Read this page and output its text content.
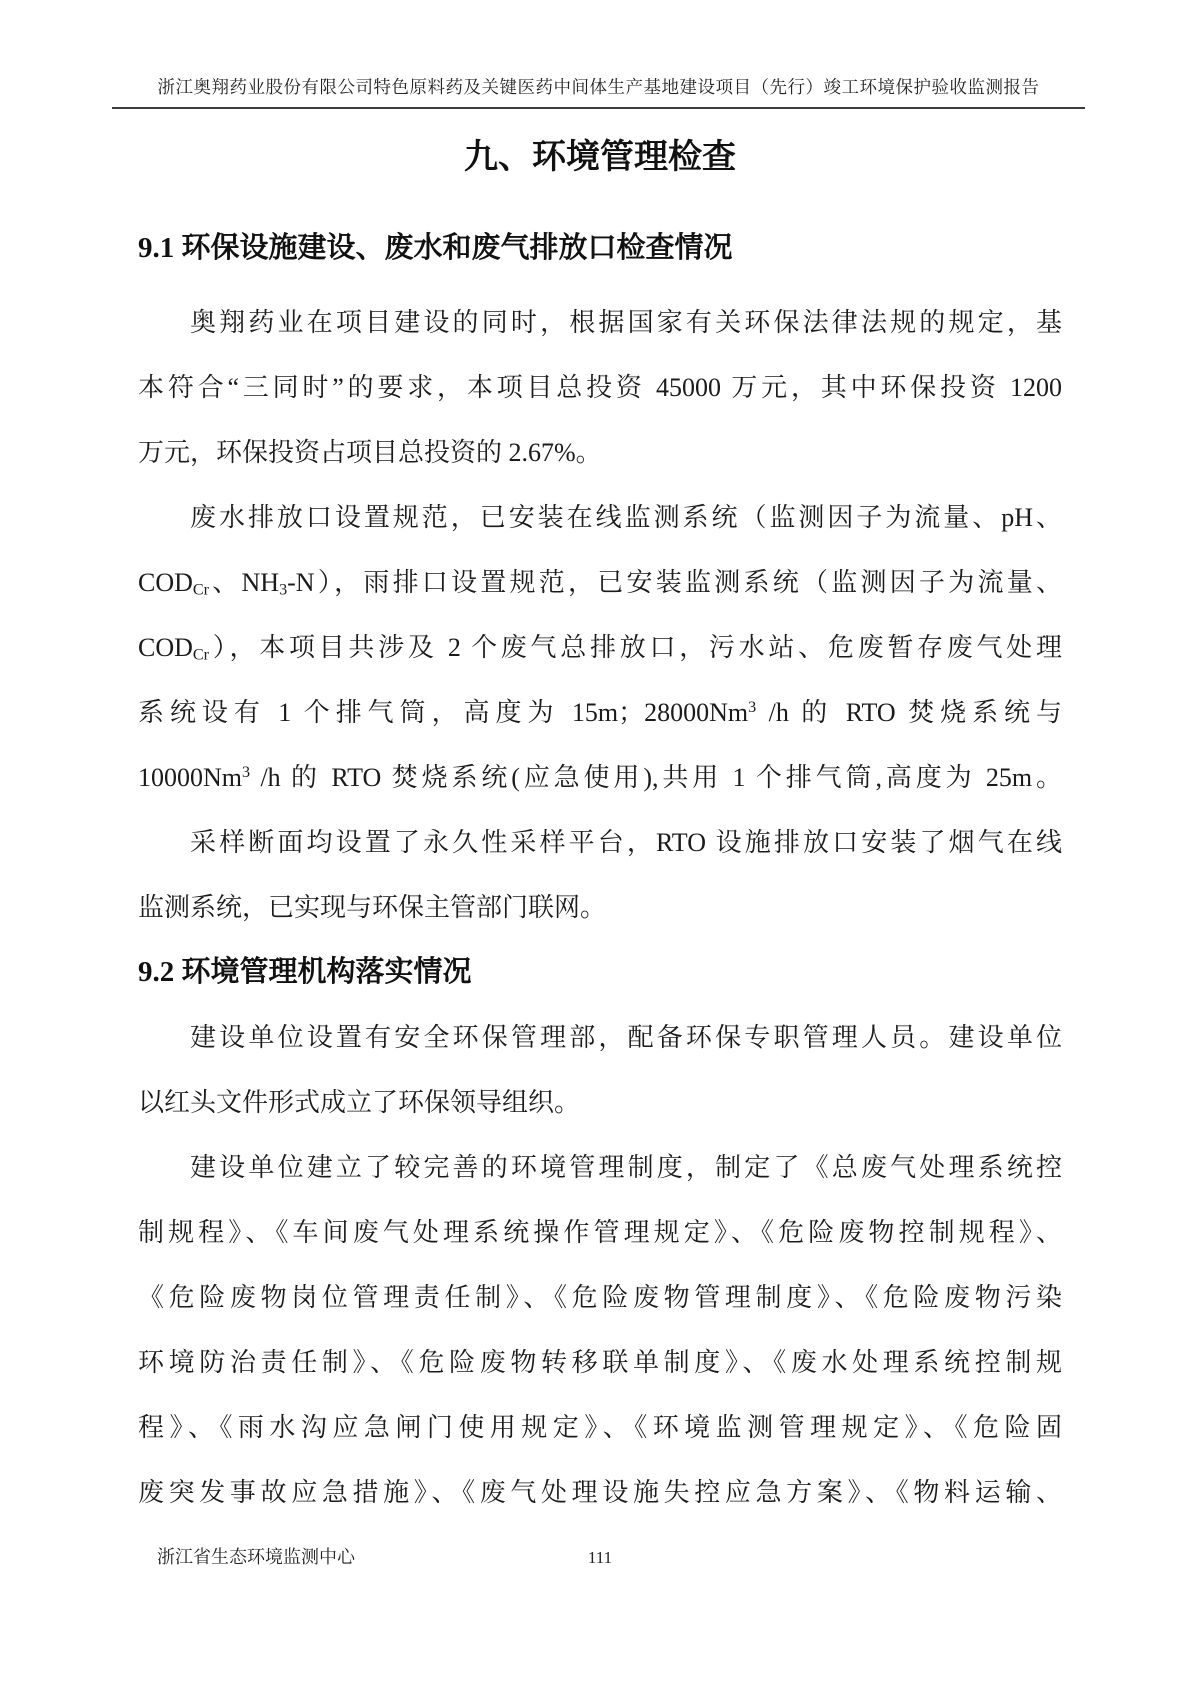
浙江奥翔药业股份有限公司特色原料药及关键医药中间体生产基地建设项目（先行）竣工环境保护验收监测报告
九、环境管理检查
9.1 环保设施建设、废水和废气排放口检查情况
奥翔药业在项目建设的同时，根据国家有关环保法律法规的规定，基
本符合“三同时”的要求，本项目总投资 45000 万元，其中环保投资 1200
万元，环保投资占项目总投资的 2.67%。
废水排放口设置规范，已安装在线监测系统（监测因子为流量、pH、
$COD_{Cr}$、$NH_3-N$），雨排口设置规范，已安装监测系统（监测因子为流量、
$COD_{Cr}$），本项目共涉及 2 个废气总排放口，污水站、危废暂存废气处理
系统设有 1 个排气筒，高度为 15m；28000Nm$^3$ /h 的 RTO 焚烧系统与
10000Nm$^3$ /h 的 RTO 焚烧系统(应急使用),共用 1 个排气筒,高度为 25m。
采样断面均设置了永久性采样平台，RTO 设施排放口安装了烟气在线
监测系统，已实现与环保主管部门联网。
9.2 环境管理机构落实情况
建设单位设置有安全环保管理部，配备环保专职管理人员。建设单位
以红头文件形式成立了环保领导组织。
建设单位建立了较完善的环境管理制度，制定了《总废气处理系统控
制规程》、《车间废气处理系统操作管理规定》、《危险废物控制规程》、
《危险废物岗位管理责任制》、《危险废物管理制度》、《危险废物污染
环境防治责任制》、《危险废物转移联单制度》、《废水处理系统控制规
程》、《雨水沟应急闸门使用规定》、《环境监测管理规定》、《危险固
废突发事故应急措施》、《废气处理设施失控应急方案》、《物料运输、
浙江省生态环境监测中心	111
